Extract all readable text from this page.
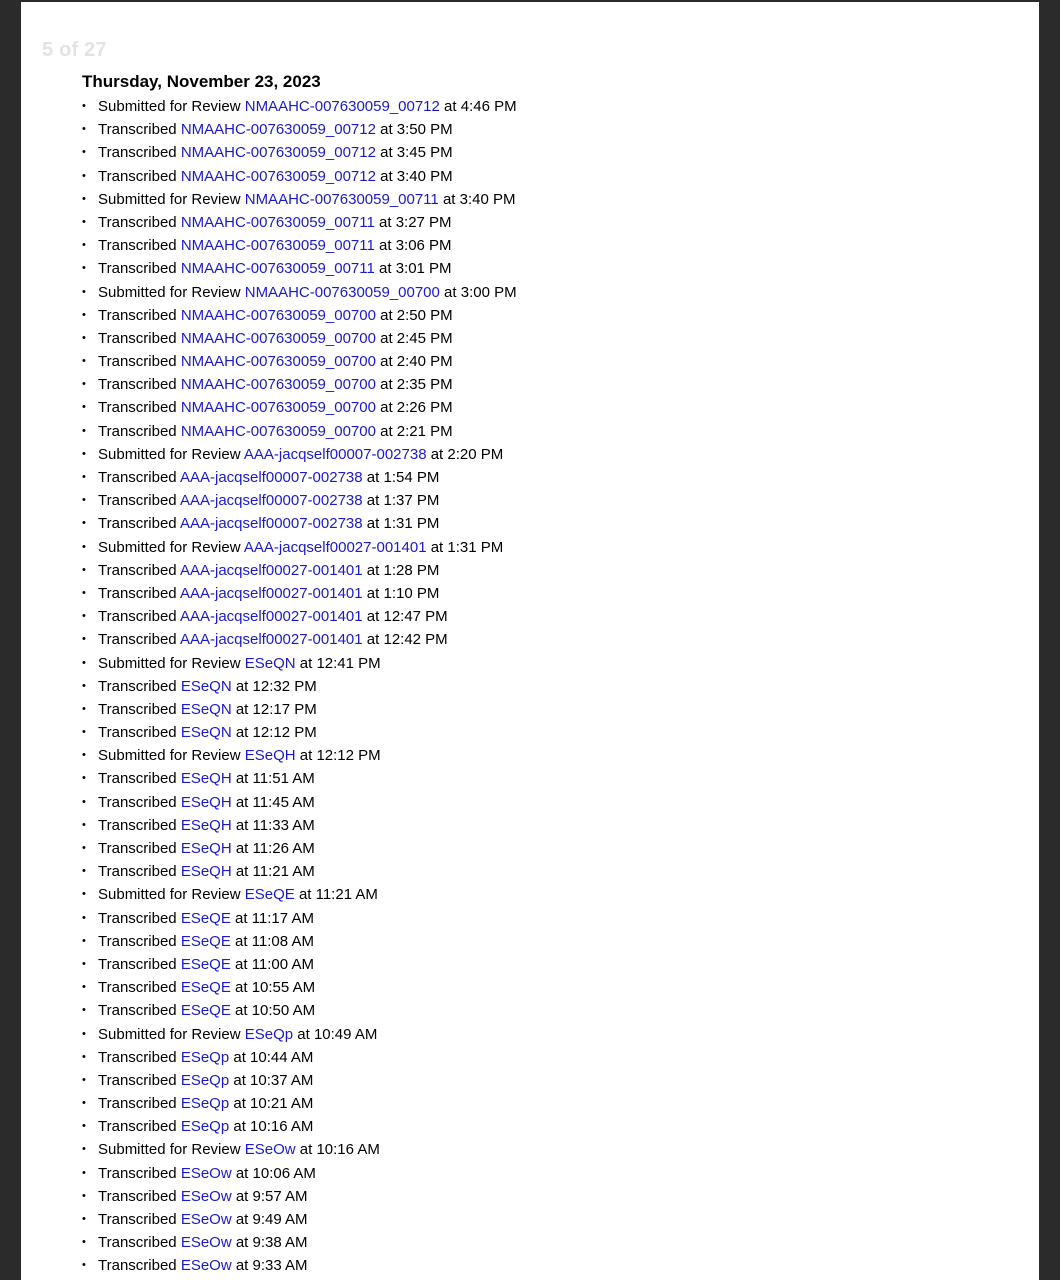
5 of 27
Thursday, November 23, 2023
• Submitted for Review NMAAHC-007630059_00712 at 4:46 PM
• Transcribed NMAAHC-007630059_00712 at 3:50 PM
• Transcribed NMAAHC-007630059_00712 at 3:45 PM
• Transcribed NMAAHC-007630059_00712 at 3:40 PM
• Submitted for Review NMAAHC-007630059_00711 at 3:40 PM
• Transcribed NMAAHC-007630059_00711 at 3:27 PM
• Transcribed NMAAHC-007630059_00711 at 3:06 PM
• Transcribed NMAAHC-007630059_00711 at 3:01 PM
• Submitted for Review NMAAHC-007630059_00700 at 3:00 PM
• Transcribed NMAAHC-007630059_00700 at 2:50 PM
• Transcribed NMAAHC-007630059_00700 at 2:45 PM
• Transcribed NMAAHC-007630059_00700 at 2:40 PM
• Transcribed NMAAHC-007630059_00700 at 2:35 PM
• Transcribed NMAAHC-007630059_00700 at 2:26 PM
• Transcribed NMAAHC-007630059_00700 at 2:21 PM
• Submitted for Review AAA-jacqself00007-002738 at 2:20 PM
• Transcribed AAA-jacqself00007-002738 at 1:54 PM
• Transcribed AAA-jacqself00007-002738 at 1:37 PM
• Transcribed AAA-jacqself00007-002738 at 1:31 PM
• Submitted for Review AAA-jacqself00027-001401 at 1:31 PM
• Transcribed AAA-jacqself00027-001401 at 1:28 PM
• Transcribed AAA-jacqself00027-001401 at 1:10 PM
• Transcribed AAA-jacqself00027-001401 at 12:47 PM
• Transcribed AAA-jacqself00027-001401 at 12:42 PM
• Submitted for Review ESeQN at 12:41 PM
• Transcribed ESeQN at 12:32 PM
• Transcribed ESeQN at 12:17 PM
• Transcribed ESeQN at 12:12 PM
• Submitted for Review ESeQH at 12:12 PM
• Transcribed ESeQH at 11:51 AM
• Transcribed ESeQH at 11:45 AM
• Transcribed ESeQH at 11:33 AM
• Transcribed ESeQH at 11:26 AM
• Transcribed ESeQH at 11:21 AM
• Submitted for Review ESeQE at 11:21 AM
• Transcribed ESeQE at 11:17 AM
• Transcribed ESeQE at 11:08 AM
• Transcribed ESeQE at 11:00 AM
• Transcribed ESeQE at 10:55 AM
• Transcribed ESeQE at 10:50 AM
• Submitted for Review ESeQp at 10:49 AM
• Transcribed ESeQp at 10:44 AM
• Transcribed ESeQp at 10:37 AM
• Transcribed ESeQp at 10:21 AM
• Transcribed ESeQp at 10:16 AM
• Submitted for Review ESeOw at 10:16 AM
• Transcribed ESeOw at 10:06 AM
• Transcribed ESeOw at 9:57 AM
• Transcribed ESeOw at 9:49 AM
• Transcribed ESeOw at 9:38 AM
• Transcribed ESeOw at 9:33 AM
